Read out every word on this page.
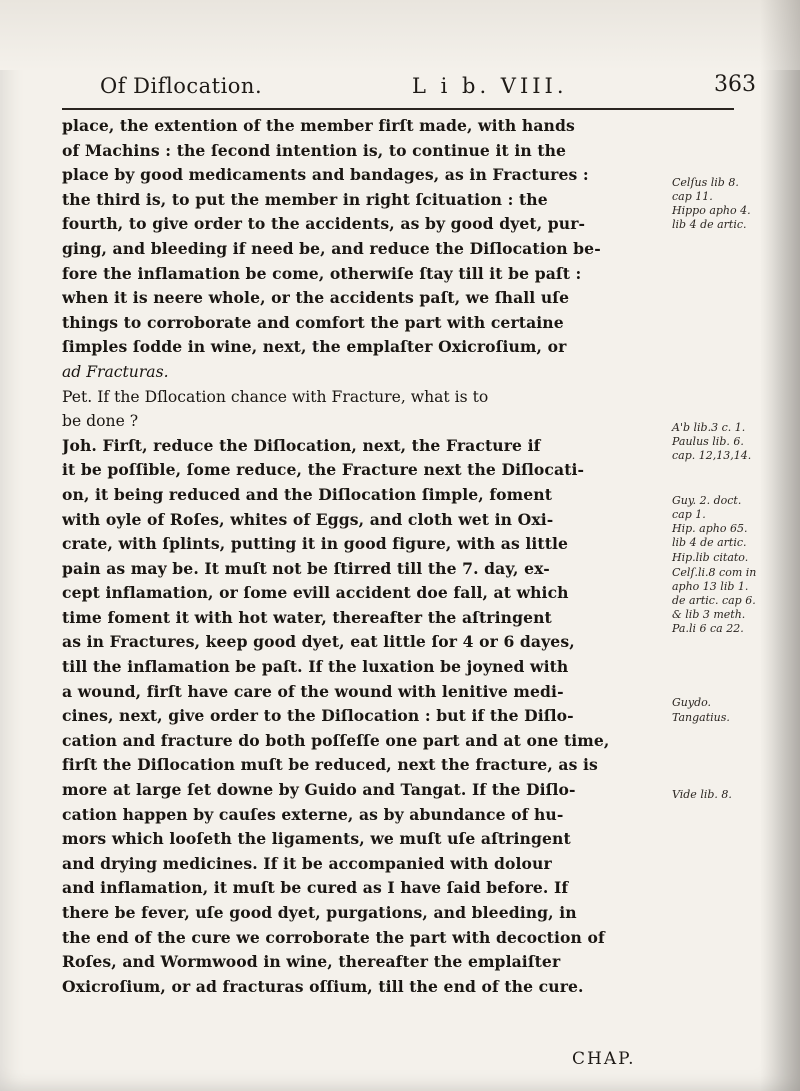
Of Diflocation.	L i b. VIII.	363
place, the extention of the member firſt made, with hands
of Machins : the ſecond intention is, to continue it in the
place by good medicaments and bandages, as in Fractures :
the third is, to put the member in right ſcituation : the
fourth, to give order to the accidents, as by good dyet, pur-
ging, and bleeding if need be, and reduce the Diſlocation be-
fore the inflamation be come, otherwiſe ſtay till it be paſt :
when it is neere whole, or the accidents paſt, we ſhall uſe
things to corroborate and comfort the part with certaine
ſimples ſodde in wine, next, the emplaſter Oxicroſium, or
ad Fracturas.
Pet. If the Dſlocation chance with Fracture, what is to
be done ?
Joh. Firſt, reduce the Diſlocation, next, the Fracture if
it be poſſible, ſome reduce, the Fracture next the Diſlocati-
on, it being reduced and the Diſlocation ſimple, foment
with oyle of Roſes, whites of Eggs, and cloth wet in Oxi-
crate, with ſplints, putting it in good figure, with as little
pain as may be. It muſt not be ſtirred till the 7. day, ex-
cept inflamation, or ſome evill accident doe fall, at which
time foment it with hot water, thereafter the aſtringent
as in Fractures, keep good dyet, eat little ſor 4 or 6 dayes,
till the inflamation be paſt. If the luxation be joyned with
a wound, firſt have care of the wound with lenitive medi-
cines, next, give order to the Diſlocation : but if the Diſlo-
cation and fracture do both poſſeſſe one part and at one time,
firſt the Diſlocation muſt be reduced, next the fracture, as is
more at large ſet downe by Guido and Tangat. If the Diſlo-
cation happen by cauſes externe, as by abundance of hu-
mors which looſeth the ligaments, we muſt uſe aſtringent
and drying medicines. If it be accompanied with dolour
and inflamation, it muſt be cured as I have ſaid before. If
there be fever, uſe good dyet, purgations, and bleeding, in
the end of the cure we corroborate the part with decoction of
Roſes, and Wormwood in wine, thereafter the emplaiſter
Oxicroſium, or ad fracturas oſſium, till the end of the cure.
Celſus lib 8.
cap 11.
Hippo apho 4.
lib 4 de artic.
A'b lib.3 c. 1.
Paulus lib. 6.
cap. 12,13,14.
Guy. 2. doct.
cap 1.
Hip. apho 65.
lib 4 de artic.
Hip.lib citato.
Celſ.li.8 com in
apho 13 lib 1.
de artic. cap 6.
& lib 3 meth.
Pa.li 6 ca 22.
Guydo.
Tangatius.
Vide lib. 8.
CHAP.
